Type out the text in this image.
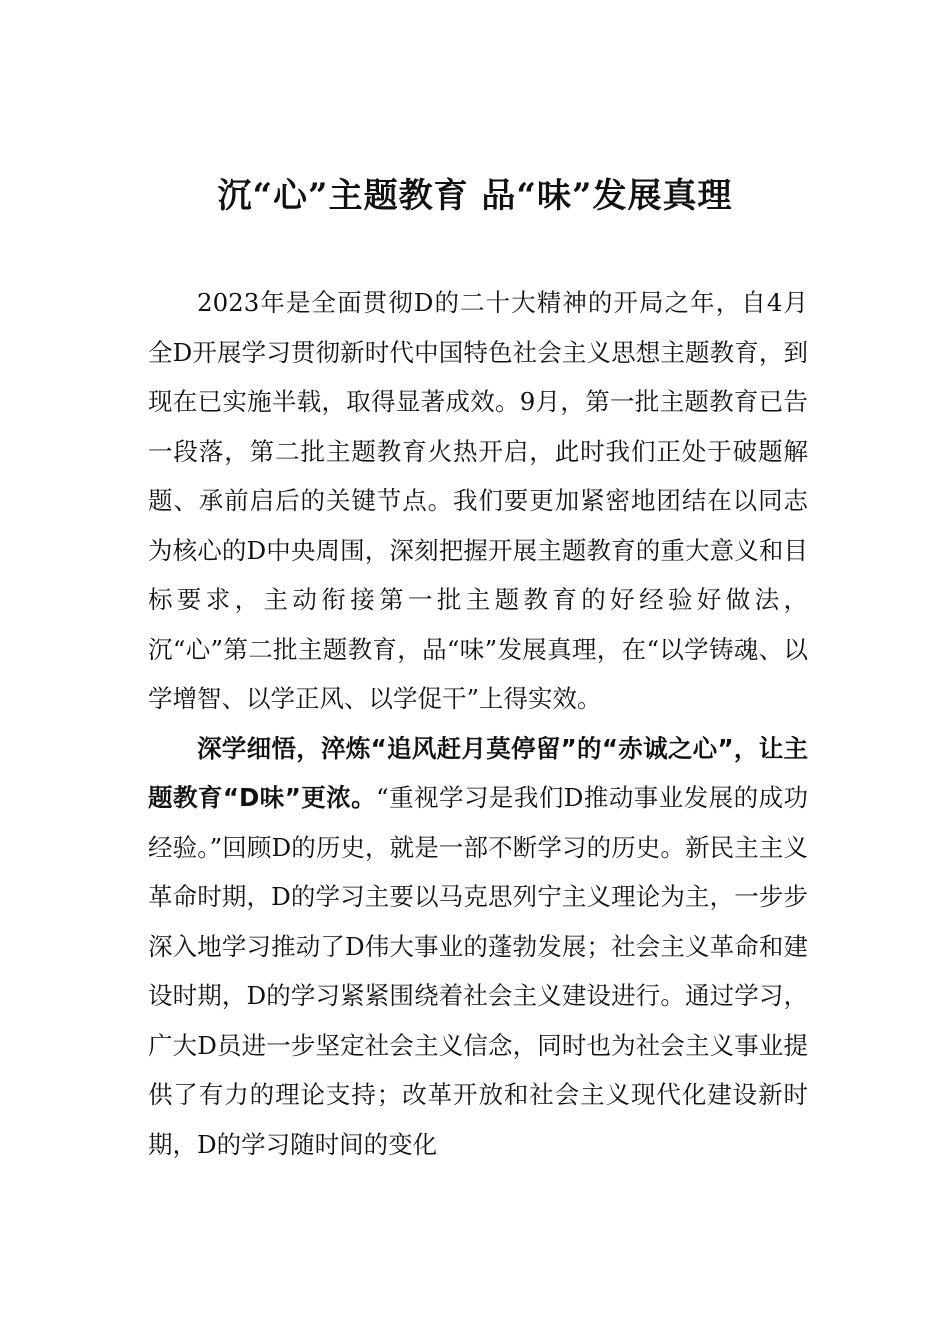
沉“心”主题教育 品“味”发展真理

2023年是全面贯彻D的二十大精神的开局之年，自4月全D开展学习贯彻新时代中国特色社会主义思想主题教育，到现在已实施半载，取得显著成效。9月，第一批主题教育已告一段落，第二批主题教育火热开启，此时我们正处于破题解题、承前启后的关键节点。我们要更加紧密地团结在以同志为核心的D中央周围，深刻把握开展主题教育的重大意义和目标要求，主动衔接第一批主题教育的好经验好做法，沉“心”第二批主题教育，品“味”发展真理，在“以学铸魂、以学增智、以学正风、以学促干”上得实效。

深学细悟，淬炼“追风赶月莫停留”的“赤诚之心”，让主题教育“D味”更浓。“重视学习是我们D推动事业发展的成功经验。”回顾D的历史，就是一部不断学习的历史。新民主主义革命时期，D的学习主要以马克思列宁主义理论为主，一步步深入地学习推动了D伟大事业的蓬勃发展；社会主义革命和建设时期，D的学习紧紧围绕着社会主义建设进行。通过学习，广大D员进一步坚定社会主义信念，同时也为社会主义事业提供了有力的理论支持；改革开放和社会主义现代化建设新时期，D的学习随时间的变化
